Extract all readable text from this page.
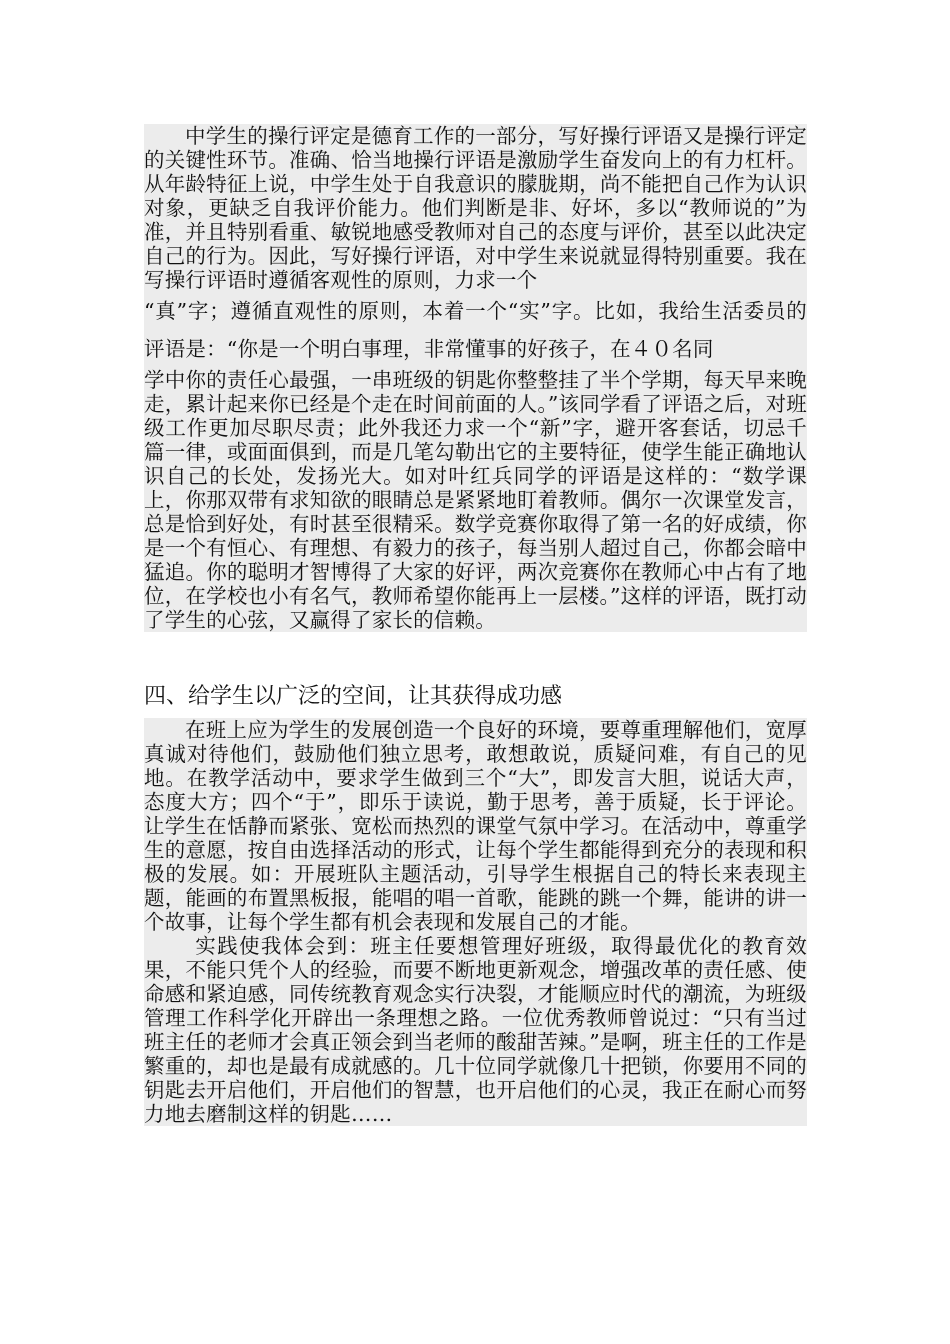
中学生的操行评定是德育工作的一部分，写好操行评语又是操行评定的关键性环节。准确、恰当地操行评语是激励学生奋发向上的有力杠杆。从年龄特征上说，中学生处于自我意识的朦胧期，尚不能把自己作为认识对象，更缺乏自我评价能力。他们判断是非、好坏，多以“教师说的”为准，并且特别看重、敏锐地感受教师对自己的态度与评价，甚至以此决定自己的行为。因此，写好操行评语，对中学生来说就显得特别重要。我在写操行评语时遵循客观性的原则，力求一个

“真”字；遵循直观性的原则，本着一个“实”字。比如，我给生活委员的评语是：“你是一个明白事理，非常懂事的好孩子，在４０名同

学中你的责任心最强，一串班级的钥匙你整整挂了半个学期，每天早来晚走，累计起来你已经是个走在时间前面的人。”该同学看了评语之后，对班级工作更加尽职尽责；此外我还力求一个“新”字，避开客套话，切忌千篇一律，或面面俱到，而是几笔勾勒出它的主要特征，使学生能正确地认识自己的长处，发扬光大。如对叶红兵同学的评语是这样的：“数学课上，你那双带有求知欲的眼睛总是紧紧地盯着教师。偶尔一次课堂发言，总是恰到好处，有时甚至很精采。数学竞赛你取得了第一名的好成绩，你是一个有恒心、有理想、有毅力的孩子，每当别人超过自己，你都会暗中猛追。你的聪明才智博得了大家的好评，两次竞赛你在教师心中占有了地位，在学校也小有名气，教师希望你能再上一层楼。”这样的评语，既打动了学生的心弦，又赢得了家长的信赖。

四、给学生以广泛的空间，让其获得成功感

在班上应为学生的发展创造一个良好的环境，要尊重理解他们，宽厚真诚对待他们，鼓励他们独立思考，敢想敢说，质疑问难，有自己的见地。在教学活动中，要求学生做到三个“大”，即发言大胆，说话大声，态度大方；四个“于”，即乐于读说，勤于思考，善于质疑，长于评论。让学生在恬静而紧张、宽松而热烈的课堂气氛中学习。在活动中，尊重学生的意愿，按自由选择活动的形式，让每个学生都能得到充分的表现和积极的发展。如：开展班队主题活动，引导学生根据自己的特长来表现主题，能画的布置黑板报，能唱的唱一首歌，能跳的跳一个舞，能讲的讲一个故事，让每个学生都有机会表现和发展自己的才能。

实践使我体会到：班主任要想管理好班级，取得最优化的教育效果，不能只凭个人的经验，而要不断地更新观念，增强改革的责任感、使命感和紧迫感，同传统教育观念实行决裂，才能顺应时代的潮流，为班级管理工作科学化开辟出一条理想之路。一位优秀教师曾说过：“只有当过班主任的老师才会真正领会到当老师的酸甜苦辣。”是啊，班主任的工作是繁重的，却也是最有成就感的。几十位同学就像几十把锁，你要用不同的钥匙去开启他们，开启他们的智慧，也开启他们的心灵，我正在耐心而努力地去磨制这样的钥匙……
